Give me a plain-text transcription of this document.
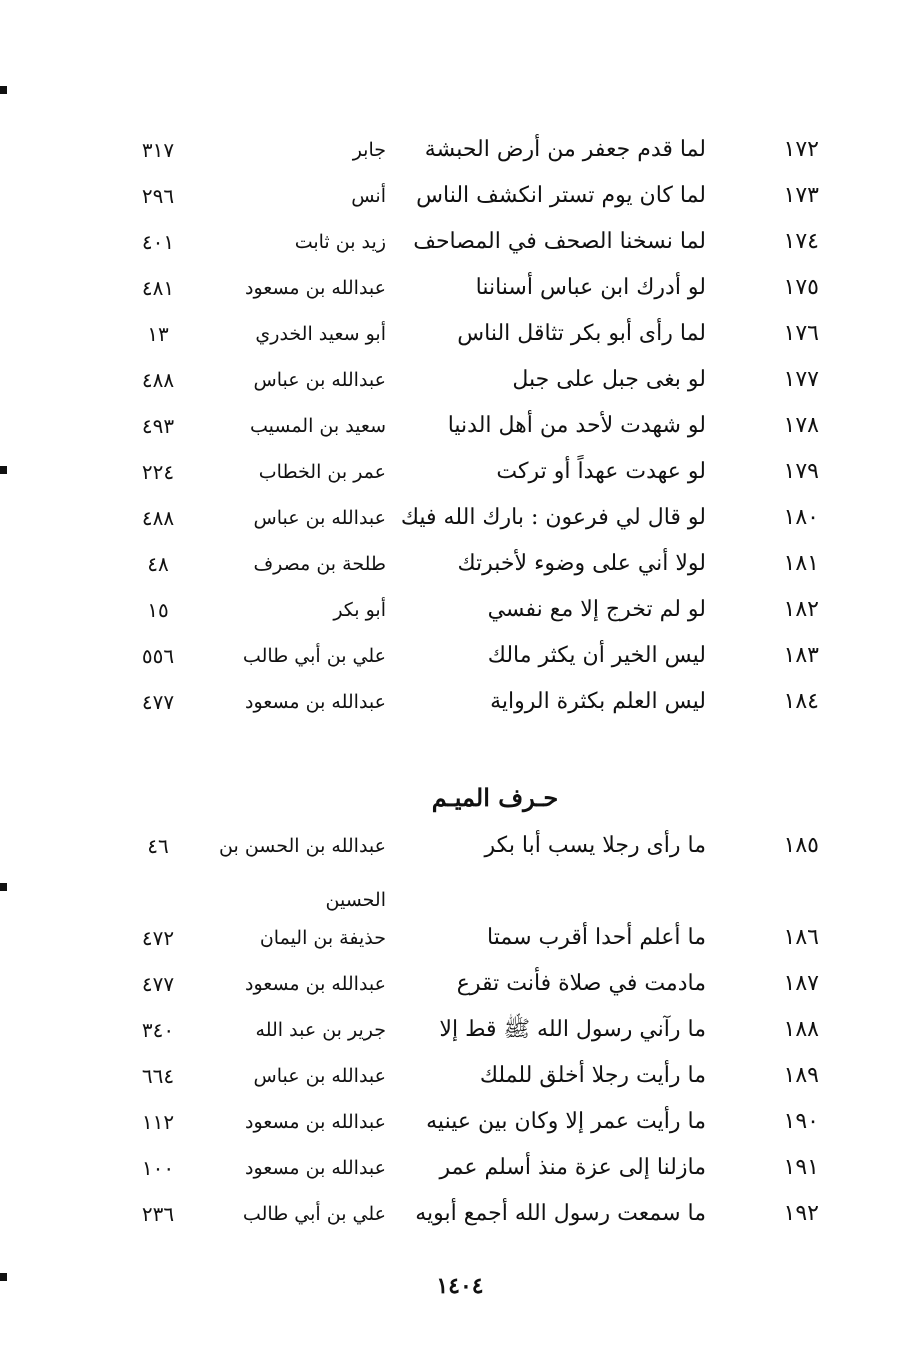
١٧٢
لما قدم جعفر من أرض الحبشة
جابر
٣١٧
١٧٣
لما كان يوم تستر انكشف الناس
أنس
٢٩٦
١٧٤
لما نسخنا الصحف في المصاحف
زيد بن ثابت
٤٠١
١٧٥
لو أدرك ابن عباس أسناننا
عبدالله بن مسعود
٤٨١
١٧٦
لما رأى أبو بكر تثاقل الناس
أبو سعيد الخدري
١٣
١٧٧
لو بغى جبل على جبل
عبدالله بن عباس
٤٨٨
١٧٨
لو شهدت لأحد من أهل الدنيا
سعيد بن المسيب
٤٩٣
١٧٩
لو عهدت عهداً أو تركت
عمر بن الخطاب
٢٢٤
١٨٠
لو قال لي فرعون : بارك الله فيك
عبدالله بن عباس
٤٨٨
١٨١
لولا أني على وضوء لأخبرتك
طلحة بن مصرف
٤٨
١٨٢
لو لم تخرج إلا مع نفسي
أبو بكر
١٥
١٨٣
ليس الخير أن يكثر مالك
علي بن أبي طالب
٥٥٦
١٨٤
ليس العلم بكثرة الرواية
عبدالله بن مسعود
٤٧٧
١٨٥
ما رأى رجلا يسب أبا بكر
عبدالله بن الحسن بن
٤٦
١٨٦
ما أعلم أحدا أقرب سمتا
حذيفة بن اليمان
٤٧٢
١٨٧
مادمت في صلاة فأنت تقرع
عبدالله بن مسعود
٤٧٧
١٨٨
ما رآني رسول الله ﷺ قط إلا
جرير بن عبد الله
٣٤٠
١٨٩
ما رأيت رجلا أخلق للملك
عبدالله بن عباس
٦٦٤
١٩٠
ما رأيت عمر إلا وكان بين عينيه
عبدالله بن مسعود
١١٢
١٩١
مازلنا إلى عزة منذ أسلم عمر
عبدالله بن مسعود
١٠٠
١٩٢
ما سمعت رسول الله أجمع أبويه
علي بن أبي طالب
٢٣٦
حـرف الميـم
الحسين
١٤٠٤
